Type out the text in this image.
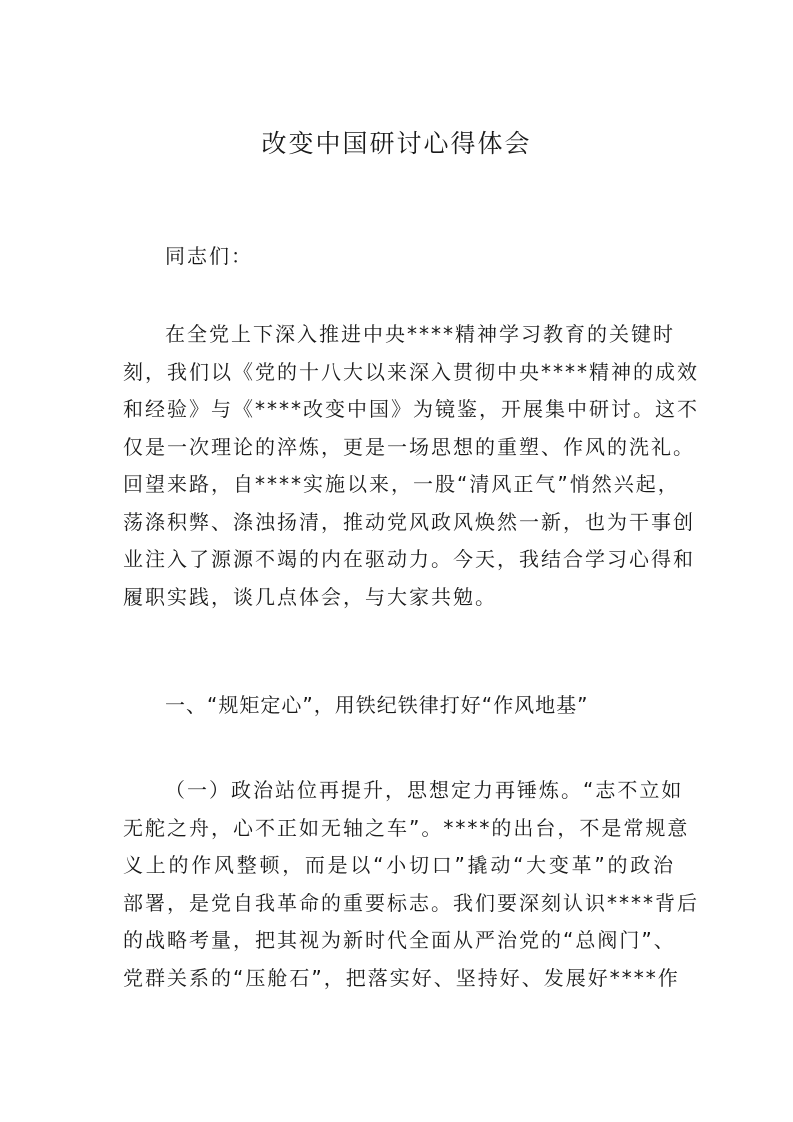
改变中国研讨心得体会
同志们：
在全党上下深入推进中央****精神学习教育的关键时
刻，我们以《党的十八大以来深入贯彻中央****精神的成效
和经验》与《****改变中国》为镜鉴，开展集中研讨。这不
仅是一次理论的淬炼，更是一场思想的重塑、作风的洗礼。
回望来路，自****实施以来，一股“清风正气”悄然兴起，
荡涤积弊、涤浊扬清，推动党风政风焕然一新，也为干事创
业注入了源源不竭的内在驱动力。今天，我结合学习心得和
履职实践，谈几点体会，与大家共勉。
一、“规矩定心”，用铁纪铁律打好“作风地基”
（一）政治站位再提升，思想定力再锤炼。“志不立如
无舵之舟，心不正如无轴之车”。****的出台，不是常规意
义上的作风整顿，而是以“小切口”撬动“大变革”的政治
部署，是党自我革命的重要标志。我们要深刻认识****背后
的战略考量，把其视为新时代全面从严治党的“总阀门”、
党群关系的“压舱石”，把落实好、坚持好、发展好****作
